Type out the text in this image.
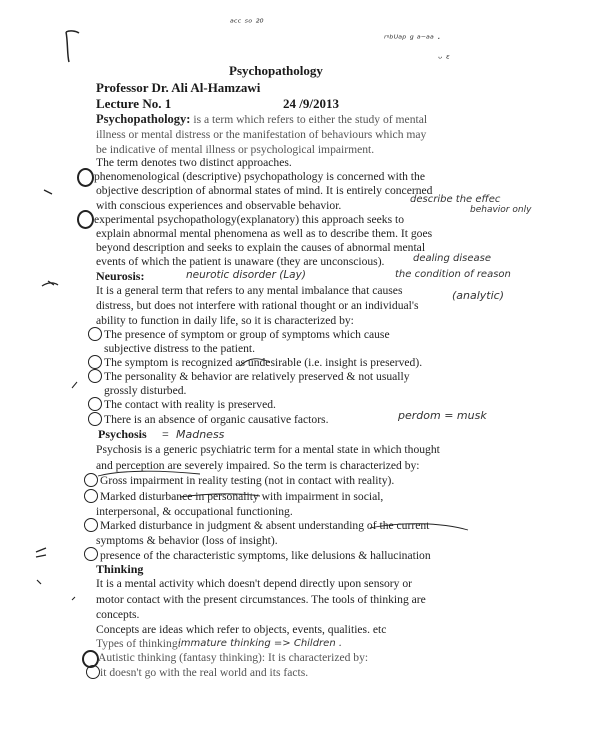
ᵃᶜᶜ ˢᵒ ²⁰
ʳ'ᵇᵁᵃᵖ ᵍ ᵃ⁻ᵃᵃ ·
ᵕ ᵋ
Psychopathology
Professor Dr. Ali Al-Hamzawi
Lecture No. 1	24 /9/2013
Psychopathology: is a term which refers to either the study of mental
illness or mental distress or the manifestation of behaviours which may
be indicative of mental illness or psychological impairment.
The term denotes two distinct approaches.
phenomenological (descriptive) psychopathology is concerned with the
objective description of abnormal states of mind. It is entirely concerned
with conscious experiences and observable behavior.	describe the effec
behavior only
experimental psychopathology(explanatory) this approach seeks to
explain abnormal mental phenomena as well as to describe them. It goes
beyond description and seeks to explain the causes of abnormal mental
events of which the patient is unaware (they are unconscious).	dealing disease
Neurosis:	neurotic disorder (Lay)	the condition of reason
It is a general term that refers to any mental imbalance that causes	(analytic)
distress, but does not interfere with rational thought or an individual's
ability to function in daily life, so it is characterized by:
The presence of symptom or group of symptoms which cause
subjective distress to the patient.
The symptom is recognized as undesirable (i.e. insight is preserved).
The personality & behavior are relatively preserved & not usually
grossly disturbed.
The contact with reality is preserved.
There is an absence of organic causative factors.	perdom = musk
Psychosis = Madness
Psychosis is a generic psychiatric term for a mental state in which thought
and perception are severely impaired. So the term is characterized by:
Gross impairment in reality testing (not in contact with reality).
Marked disturbance in personality with impairment in social,
interpersonal, & occupational functioning.
Marked disturbance in judgment & absent understanding of the current
symptoms & behavior (loss of insight).
presence of the characteristic symptoms, like delusions & hallucination
Thinking
It is a mental activity which doesn't depend directly upon sensory or
motor contact with the present circumstances. The tools of thinking are
concepts.
Concepts are ideas which refer to objects, events, qualities. etc
Types of thinking:
immature thinking => Children .
Autistic thinking (fantasy thinking): It is characterized by:
it doesn't go with the real world and its facts.
